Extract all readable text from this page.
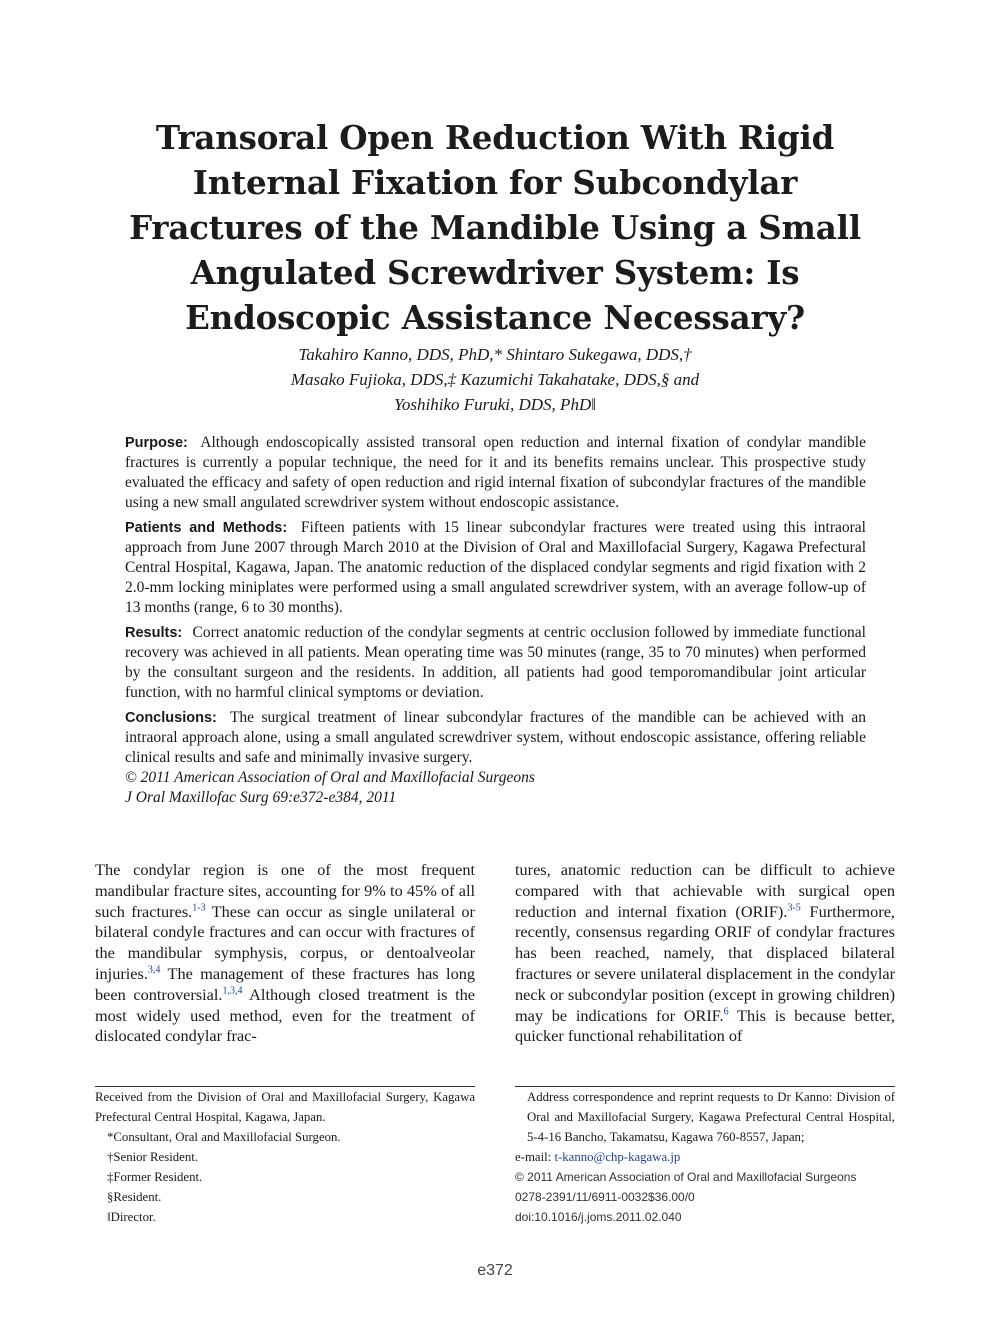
Transoral Open Reduction With Rigid
Internal Fixation for Subcondylar
Fractures of the Mandible Using a Small
Angulated Screwdriver System: Is
Endoscopic Assistance Necessary?
Takahiro Kanno, DDS, PhD,* Shintaro Sukegawa, DDS,†
Masako Fujioka, DDS,‡ Kazumichi Takahatake, DDS,§ and
Yoshihiko Furuki, DDS, PhD‖

Purpose: Although endoscopically assisted transoral open reduction and internal fixation of condylar mandible fractures is currently a popular technique, the need for it and its benefits remains unclear. This prospective study evaluated the efficacy and safety of open reduction and rigid internal fixation of subcondylar fractures of the mandible using a new small angulated screwdriver system without endoscopic assistance.

Patients and Methods: Fifteen patients with 15 linear subcondylar fractures were treated using this intraoral approach from June 2007 through March 2010 at the Division of Oral and Maxillofacial Surgery, Kagawa Prefectural Central Hospital, Kagawa, Japan. The anatomic reduction of the displaced condylar segments and rigid fixation with 2 2.0-mm locking miniplates were performed using a small angulated screwdriver system, with an average follow-up of 13 months (range, 6 to 30 months).

Results: Correct anatomic reduction of the condylar segments at centric occlusion followed by immediate functional recovery was achieved in all patients. Mean operating time was 50 minutes (range, 35 to 70 minutes) when performed by the consultant surgeon and the residents. In addition, all patients had good temporomandibular joint articular function, with no harmful clinical symptoms or deviation.

Conclusions: The surgical treatment of linear subcondylar fractures of the mandible can be achieved with an intraoral approach alone, using a small angulated screwdriver system, without endoscopic assistance, offering reliable clinical results and safe and minimally invasive surgery.

© 2011 American Association of Oral and Maxillofacial Surgeons

J Oral Maxillofac Surg 69:e372-e384, 2011

The condylar region is one of the most frequent mandibular fracture sites, accounting for 9% to 45% of all such fractures.$^{1-3}$ These can occur as single unilateral or bilateral condyle fractures and can occur with fractures of the mandibular symphysis, corpus, or dentoalveolar injuries.$^{3,4}$ The management of these fractures has long been controversial.$^{1,3,4}$ Although closed treatment is the most widely used method, even for the treatment of dislocated condylar frac-
tures, anatomic reduction can be difficult to achieve compared with that achievable with surgical open reduction and internal fixation (ORIF).$^{3-5}$ Furthermore, recently, consensus regarding ORIF of condylar fractures has been reached, namely, that displaced bilateral fractures or severe unilateral displacement in the condylar neck or subcondylar position (except in growing children) may be indications for ORIF.$^6$ This is because better, quicker functional rehabilitation of

Received from the Division of Oral and Maxillofacial Surgery, Kagawa Prefectural Central Hospital, Kagawa, Japan.

*Consultant, Oral and Maxillofacial Surgeon.

†Senior Resident.

‡Former Resident.

§Resident.

‖Director.

Address correspondence and reprint requests to Dr Kanno: Division of Oral and Maxillofacial Surgery, Kagawa Prefectural Central Hospital, 5-4-16 Bancho, Takamatsu, Kagawa 760-8557, Japan;

e-mail: t-kanno@chp-kagawa.jp

© 2011 American Association of Oral and Maxillofacial Surgeons

0278-2391/11/6911-0032$36.00/0

doi:10.1016/j.joms.2011.02.040

e372
